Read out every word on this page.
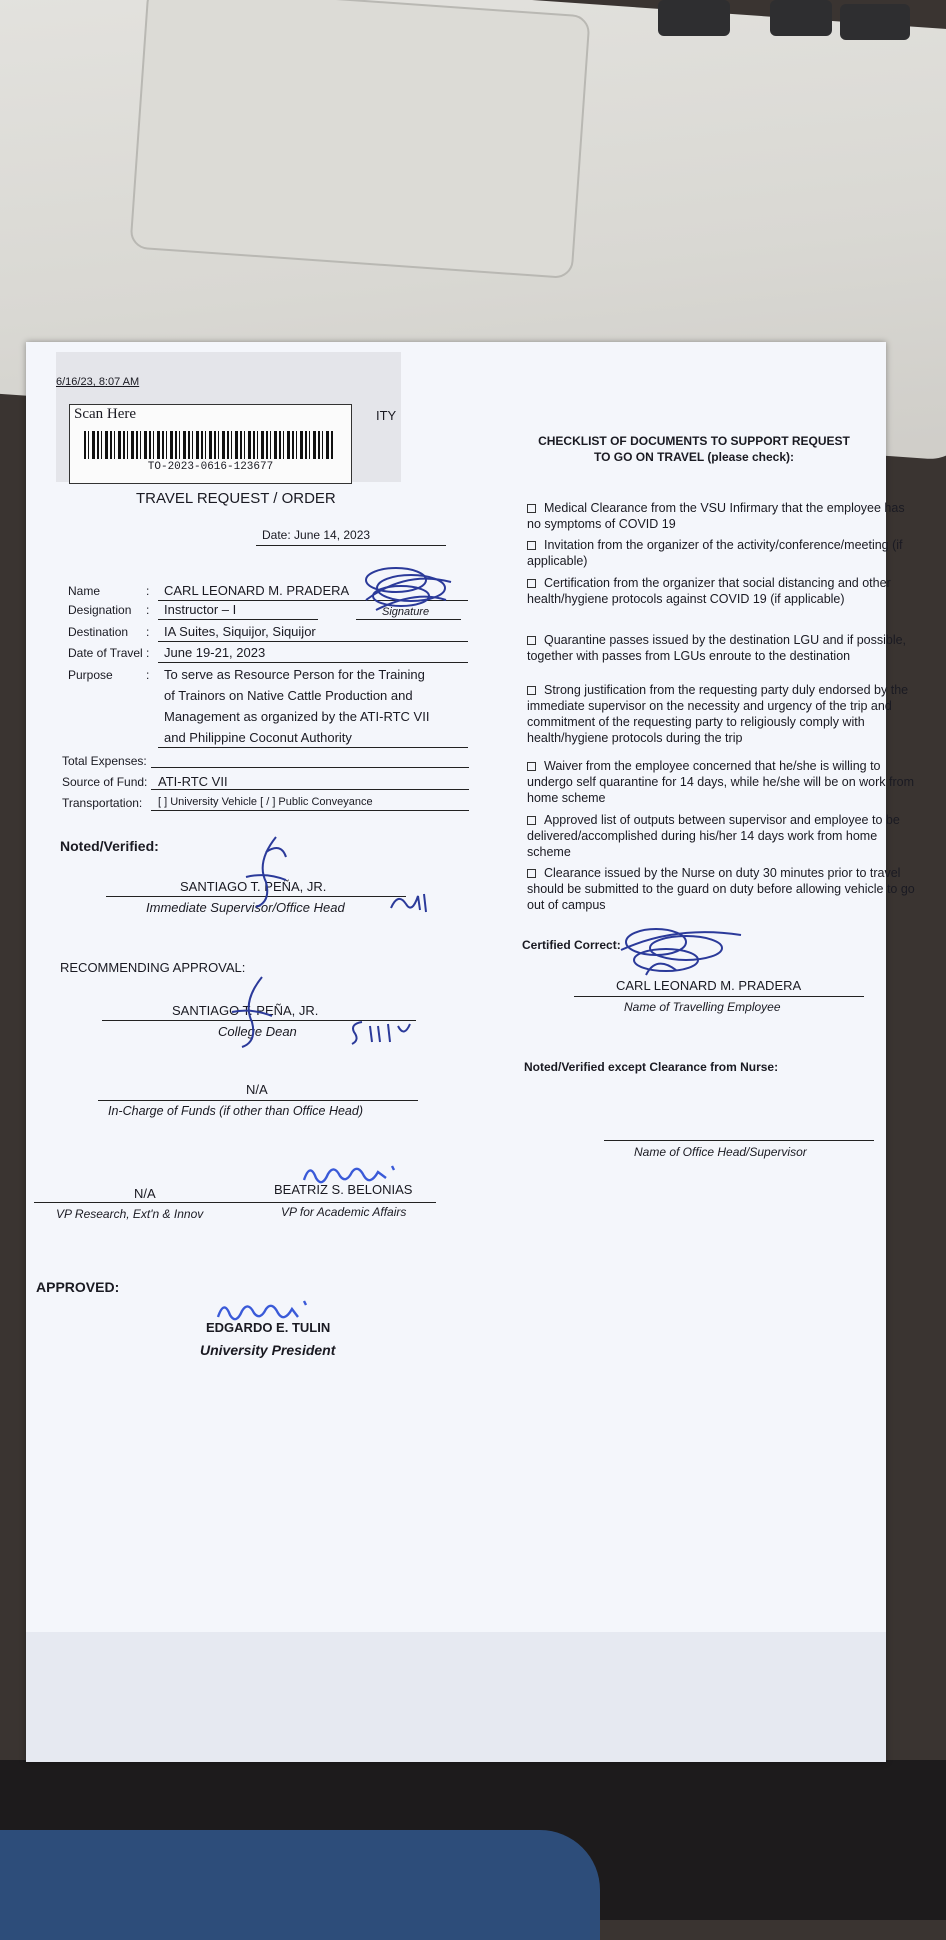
6/16/23, 8:07 AM
Scan Here
TO-2023-0616-123677
ITY
TRAVEL REQUEST / ORDER
Date: June 14, 2023
Name	: CARL LEONARD M. PRADERA
Designation : Instructor – I	Signature
Destination : IA Suites, Siquijor, Siquijor
Date of Travel : June 19-21, 2023
Purpose	: To serve as Resource Person for the Training
of Trainors on Native Cattle Production and
Management as organized by the ATI-RTC VII
and Philippine Coconut Authority
Total Expenses:
Source of Fund: ATI-RTC VII
Transportation: [ ] University Vehicle [ / ] Public Conveyance
Noted/Verified:
SANTIAGO T. PEÑA, JR.
Immediate Supervisor/Office Head
RECOMMENDING APPROVAL:
SANTIAGO T. PEÑA, JR.
College Dean
N/A
In-Charge of Funds (if other than Office Head)
N/A	BEATRIZ S. BELONIAS
VP Research, Ext'n & Innov	VP for Academic Affairs
APPROVED:
EDGARDO E. TULIN
University President
CHECKLIST OF DOCUMENTS TO SUPPORT REQUEST
TO GO ON TRAVEL (please check):
Medical Clearance from the VSU Infirmary that the employee has no symptoms of COVID 19
Invitation from the organizer of the activity/conference/meeting (if applicable)
Certification from the organizer that social distancing and other health/hygiene protocols against COVID 19 (if applicable)
Quarantine passes issued by the destination LGU and if possible, together with passes from LGUs enroute to the destination
Strong justification from the requesting party duly endorsed by the immediate supervisor on the necessity and urgency of the trip and commitment of the requesting party to religiously comply with health/hygiene protocols during the trip
Waiver from the employee concerned that he/she is willing to undergo self quarantine for 14 days, while he/she will be on work from home scheme
Approved list of outputs between supervisor and employee to be delivered/accomplished during his/her 14 days work from home scheme
Clearance issued by the Nurse on duty 30 minutes prior to travel should be submitted to the guard on duty before allowing vehicle to go out of campus
Certified Correct:
CARL LEONARD M. PRADERA
Name of Travelling Employee
Noted/Verified except Clearance from Nurse:
Name of Office Head/Supervisor
